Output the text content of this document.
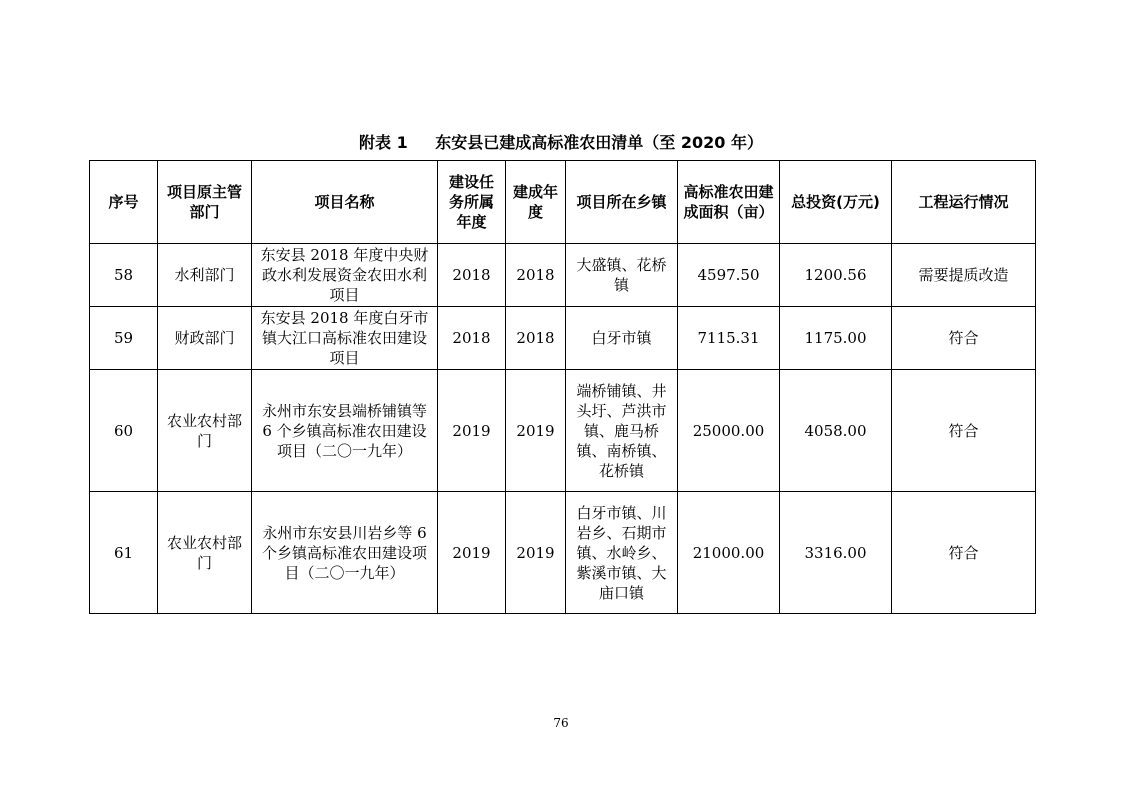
附表 1 东安县已建成高标准农田清单（至 2020 年）
序号	项目原主管部门	项目名称	建设任务所属年度	建成年度	项目所在乡镇	高标准农田建成面积（亩）	总投资(万元)	工程运行情况
58	水利部门	东安县 2018 年度中央财政水利发展资金农田水利项目	2018	2018	大盛镇、花桥镇	4597.50	1200.56	需要提质改造
59	财政部门	东安县 2018 年度白牙市镇大江口高标准农田建设项目	2018	2018	白牙市镇	7115.31	1175.00	符合
60	农业农村部门	永州市东安县端桥铺镇等 6 个乡镇高标准农田建设项目（二〇一九年）	2019	2019	端桥铺镇、井头圩、芦洪市镇、鹿马桥镇、南桥镇、花桥镇	25000.00	4058.00	符合
61	农业农村部门	永州市东安县川岩乡等 6 个乡镇高标准农田建设项目（二〇一九年）	2019	2019	白牙市镇、川岩乡、石期市镇、水岭乡、紫溪市镇、大庙口镇	21000.00	3316.00	符合
76
